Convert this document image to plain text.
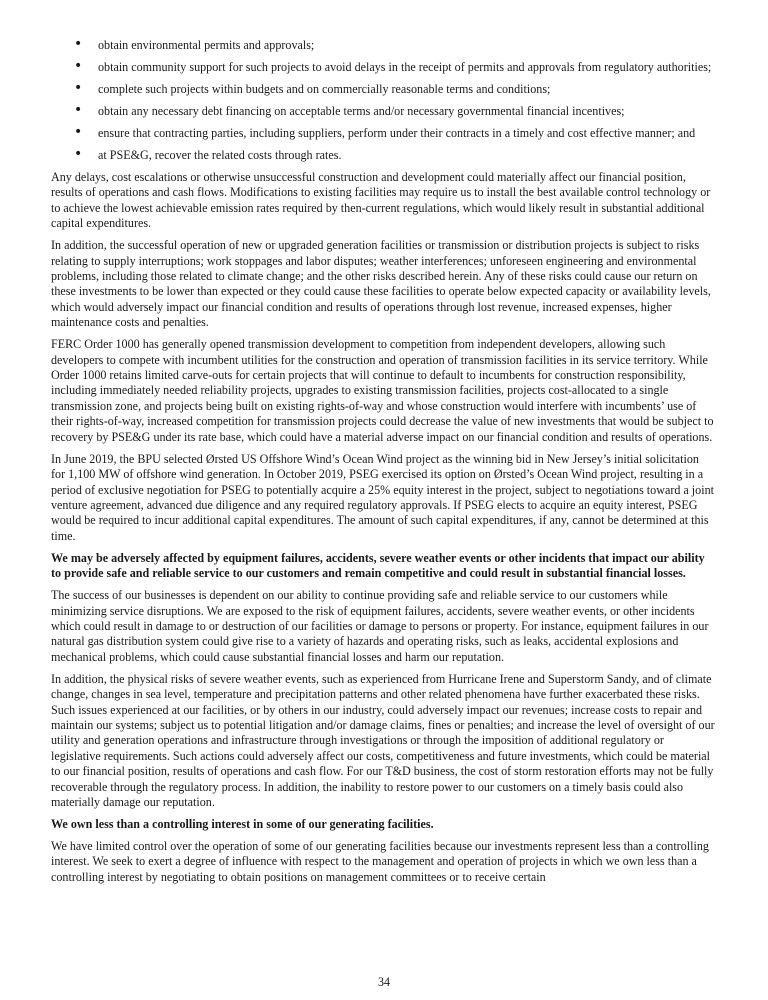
• obtain environmental permits and approvals;
• obtain community support for such projects to avoid delays in the receipt of permits and approvals from regulatory authorities;
• complete such projects within budgets and on commercially reasonable terms and conditions;
• obtain any necessary debt financing on acceptable terms and/or necessary governmental financial incentives;
• ensure that contracting parties, including suppliers, perform under their contracts in a timely and cost effective manner; and
• at PSE&G, recover the related costs through rates.

Any delays, cost escalations or otherwise unsuccessful construction and development could materially affect our financial position, results of operations and cash flows. Modifications to existing facilities may require us to install the best available control technology or to achieve the lowest achievable emission rates required by then-current regulations, which would likely result in substantial additional capital expenditures.

In addition, the successful operation of new or upgraded generation facilities or transmission or distribution projects is subject to risks relating to supply interruptions; work stoppages and labor disputes; weather interferences; unforeseen engineering and environmental problems, including those related to climate change; and the other risks described herein. Any of these risks could cause our return on these investments to be lower than expected or they could cause these facilities to operate below expected capacity or availability levels, which would adversely impact our financial condition and results of operations through lost revenue, increased expenses, higher maintenance costs and penalties.

FERC Order 1000 has generally opened transmission development to competition from independent developers, allowing such developers to compete with incumbent utilities for the construction and operation of transmission facilities in its service territory. While Order 1000 retains limited carve-outs for certain projects that will continue to default to incumbents for construction responsibility, including immediately needed reliability projects, upgrades to existing transmission facilities, projects cost-allocated to a single transmission zone, and projects being built on existing rights-of-way and whose construction would interfere with incumbents’ use of their rights-of-way, increased competition for transmission projects could decrease the value of new investments that would be subject to recovery by PSE&G under its rate base, which could have a material adverse impact on our financial condition and results of operations.

In June 2019, the BPU selected Ørsted US Offshore Wind’s Ocean Wind project as the winning bid in New Jersey’s initial solicitation for 1,100 MW of offshore wind generation. In October 2019, PSEG exercised its option on Ørsted’s Ocean Wind project, resulting in a period of exclusive negotiation for PSEG to potentially acquire a 25% equity interest in the project, subject to negotiations toward a joint venture agreement, advanced due diligence and any required regulatory approvals. If PSEG elects to acquire an equity interest, PSEG would be required to incur additional capital expenditures. The amount of such capital expenditures, if any, cannot be determined at this time.

We may be adversely affected by equipment failures, accidents, severe weather events or other incidents that impact our ability to provide safe and reliable service to our customers and remain competitive and could result in substantial financial losses.

The success of our businesses is dependent on our ability to continue providing safe and reliable service to our customers while minimizing service disruptions. We are exposed to the risk of equipment failures, accidents, severe weather events, or other incidents which could result in damage to or destruction of our facilities or damage to persons or property. For instance, equipment failures in our natural gas distribution system could give rise to a variety of hazards and operating risks, such as leaks, accidental explosions and mechanical problems, which could cause substantial financial losses and harm our reputation.

In addition, the physical risks of severe weather events, such as experienced from Hurricane Irene and Superstorm Sandy, and of climate change, changes in sea level, temperature and precipitation patterns and other related phenomena have further exacerbated these risks. Such issues experienced at our facilities, or by others in our industry, could adversely impact our revenues; increase costs to repair and maintain our systems; subject us to potential litigation and/or damage claims, fines or penalties; and increase the level of oversight of our utility and generation operations and infrastructure through investigations or through the imposition of additional regulatory or legislative requirements. Such actions could adversely affect our costs, competitiveness and future investments, which could be material to our financial position, results of operations and cash flow. For our T&D business, the cost of storm restoration efforts may not be fully recoverable through the regulatory process. In addition, the inability to restore power to our customers on a timely basis could also materially damage our reputation.

We own less than a controlling interest in some of our generating facilities.

We have limited control over the operation of some of our generating facilities because our investments represent less than a controlling interest. We seek to exert a degree of influence with respect to the management and operation of projects in which we own less than a controlling interest by negotiating to obtain positions on management committees or to receive certain

34
